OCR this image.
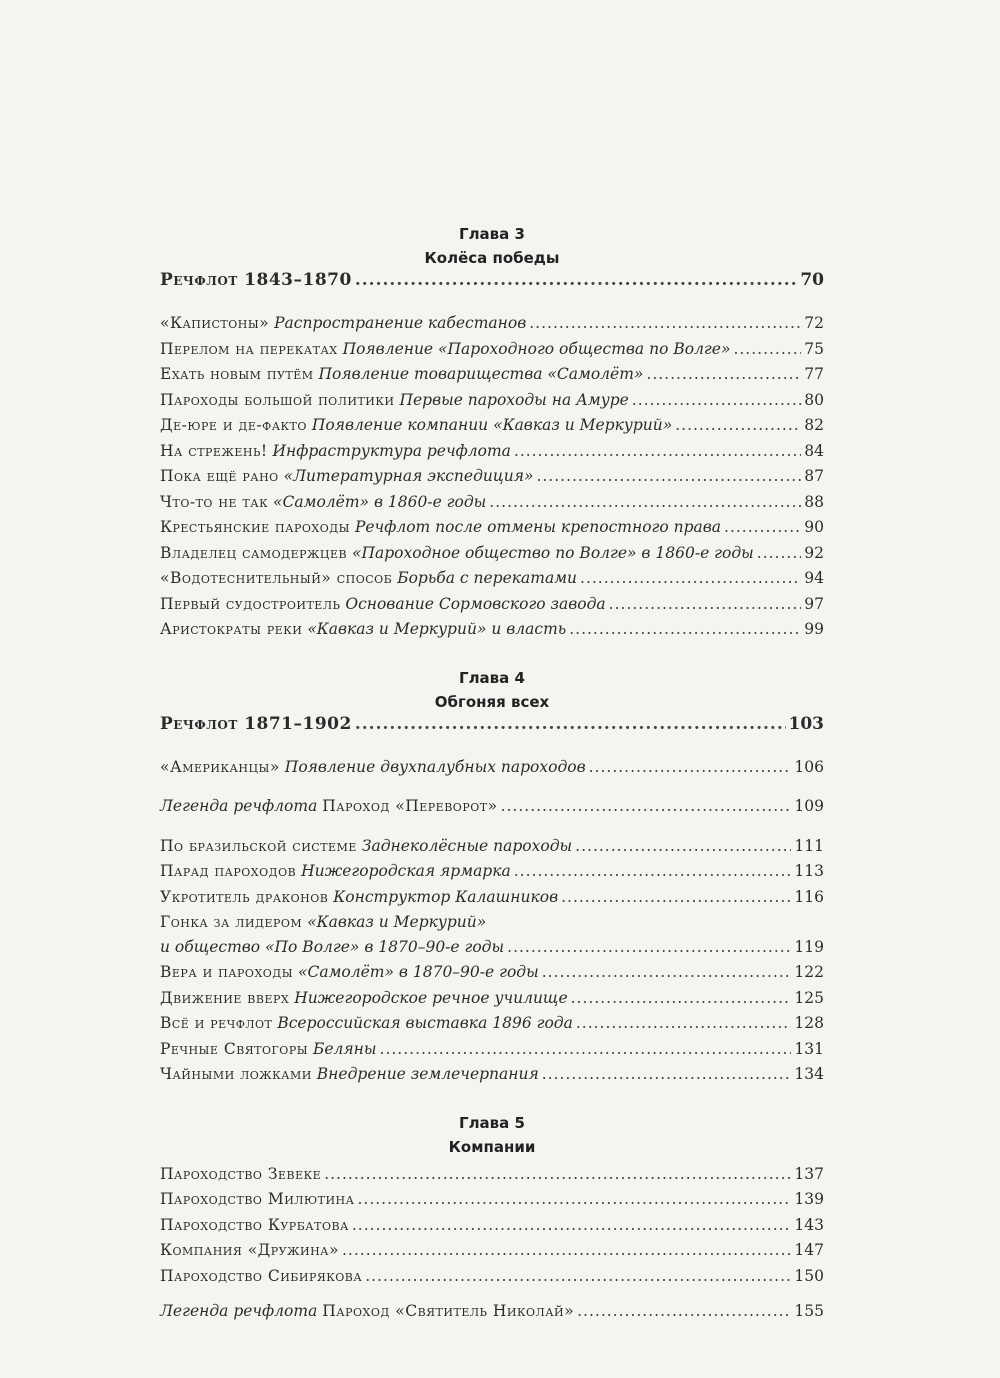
Глава 3
Колёса победы
Речфлот 1843–1870 .....	70
«Капистоны» Распространение кабестанов .....	72
Перелом на перекатах Появление «Пароходного общества по Волге» .....	75
Ехать новым путём Появление товарищества «Самолёт» .....	77
Пароходы большой политики Первые пароходы на Амуре .....	80
Де-юре и де-факто Появление компании «Кавказ и Меркурий» .....	82
На стрежень! Инфраструктура речфлота .....	84
Пока ещё рано «Литературная экспедиция» .....	87
Что-то не так «Самолёт» в 1860-е годы .....	88
Крестьянские пароходы Речфлот после отмены крепостного права .....	90
Владелец самодержцев «Пароходное общество по Волге» в 1860-е годы .....	92
«Водотеснительный» способ Борьба с перекатами .....	94
Первый судостроитель Основание Сормовского завода .....	97
Аристократы реки «Кавказ и Меркурий» и власть .....	99
Глава 4
Обгоняя всех
Речфлот 1871–1902 .....	103
«Американцы» Появление двухпалубных пароходов .....	106
Легенда речфлота Пароход «Переворот» .....	109
По бразильской системе Заднеколёсные пароходы .....	111
Парад пароходов Нижегородская ярмарка .....	113
Укротитель драконов Конструктор Калашников .....	116
Гонка за лидером «Кавказ и Меркурий»
и общество «По Волге» в 1870–90-е годы .....	119
Вера и пароходы «Самолёт» в 1870–90-е годы .....	122
Движение вверх Нижегородское речное училище .....	125
Всё и речфлот Всероссийская выставка 1896 года .....	128
Речные Святогоры Беляны .....	131
Чайными ложками Внедрение землечерпания .....	134
Глава 5
Компании
Пароходство Зевеке .....	137
Пароходство Милютина .....	139
Пароходство Курбатова .....	143
Компания «Дружина» .....	147
Пароходство Сибирякова .....	150
Легенда речфлота Пароход «Святитель Николай» .....	155
